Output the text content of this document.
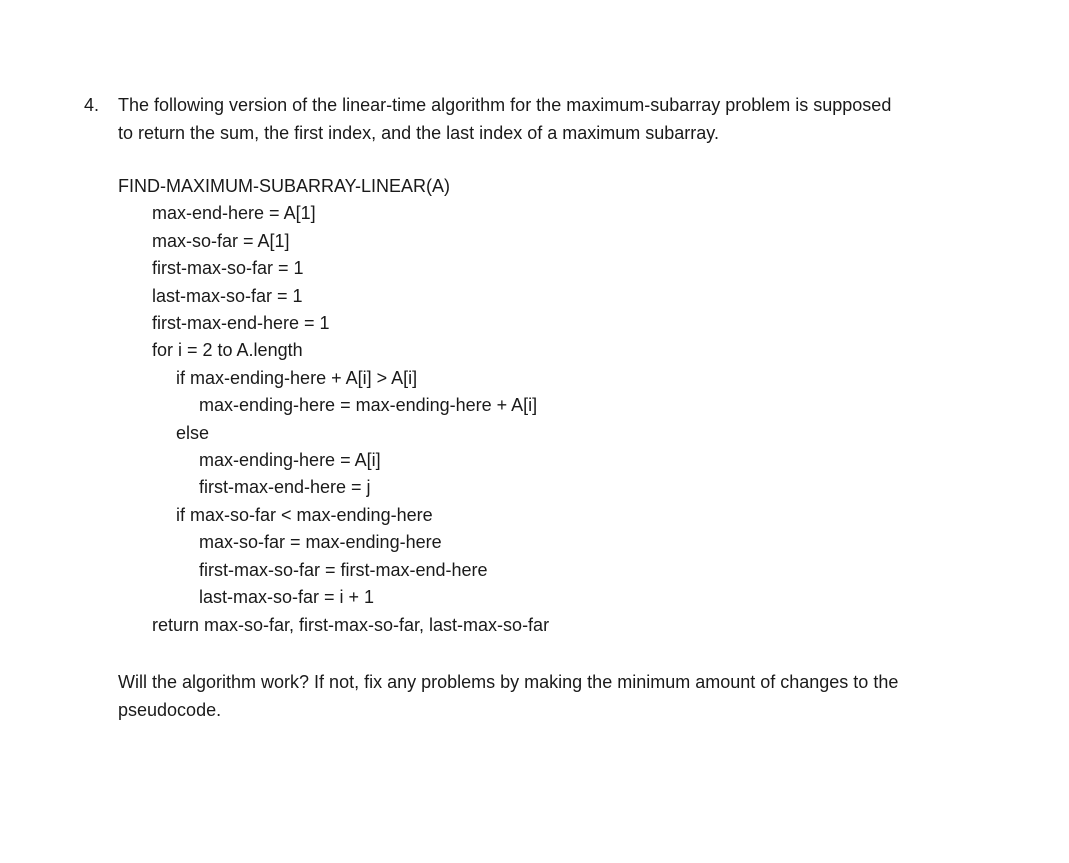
4. The following version of the linear-time algorithm for the maximum-subarray problem is supposed

to return the sum, the first index, and the last index of a maximum subarray.

FIND-MAXIMUM-SUBARRAY-LINEAR(A)
max-end-here = A[1]
max-so-far = A[1]
first-max-so-far = 1
last-max-so-far = 1
first-max-end-here = 1
for i = 2 to A.length
if max-ending-here + A[i] > A[i]
max-ending-here = max-ending-here + A[i]
else
max-ending-here = A[i]
first-max-end-here = j
if max-so-far < max-ending-here
max-so-far = max-ending-here
first-max-so-far = first-max-end-here
last-max-so-far = i + 1
return max-so-far, first-max-so-far, last-max-so-far

Will the algorithm work? If not, fix any problems by making the minimum amount of changes to the

pseudocode.
